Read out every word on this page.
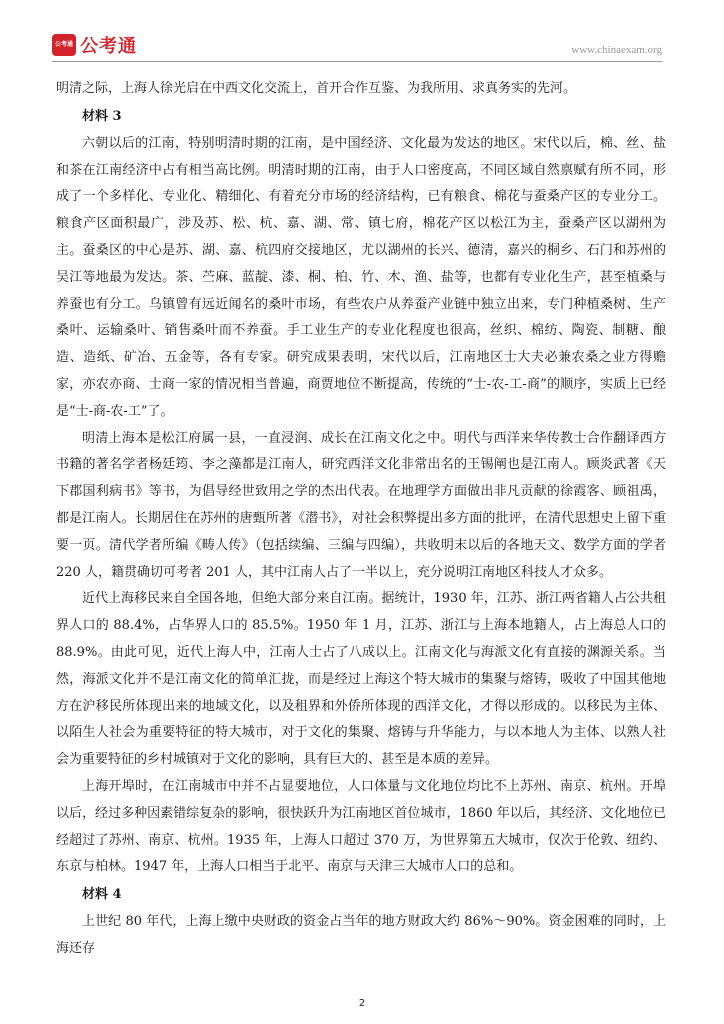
公考通 公考通	www.chinaexam.org

明清之际，上海人徐光启在中西文化交流上，首开合作互鉴、为我所用、求真务实的先河。

材料 3

六朝以后的江南，特别明清时期的江南，是中国经济、文化最为发达的地区。宋代以后，棉、丝、盐和茶在江南经济中占有相当高比例。明清时期的江南，由于人口密度高，不同区域自然禀赋有所不同，形成了一个多样化、专业化、精细化、有着充分市场的经济结构，已有粮食、棉花与蚕桑产区的专业分工。粮食产区面积最广，涉及苏、松、杭、嘉、湖、常、镇七府，棉花产区以松江为主，蚕桑产区以湖州为主。蚕桑区的中心是苏、湖、嘉、杭四府交接地区，尤以湖州的长兴、德清，嘉兴的桐乡、石门和苏州的吴江等地最为发达。茶、苎麻、蓝靛、漆、桐、柏、竹、木、渔、盐等，也都有专业化生产，甚至植桑与养蚕也有分工。乌镇曾有远近闻名的桑叶市场，有些农户从养蚕产业链中独立出来，专门种植桑树、生产桑叶、运输桑叶、销售桑叶而不养蚕。手工业生产的专业化程度也很高，丝织、棉纺、陶瓷、制糖、酿造、造纸、矿冶、五金等，各有专家。研究成果表明，宋代以后，江南地区士大夫必兼农桑之业方得赡家，亦农亦商、士商一家的情况相当普遍，商贾地位不断提高，传统的“士-农-工-商”的顺序，实质上已经是“士-商-农-工”了。

明清上海本是松江府属一县，一直浸润、成长在江南文化之中。明代与西洋来华传教士合作翻译西方书籍的著名学者杨廷筠、李之藻都是江南人，研究西洋文化非常出名的王锡阐也是江南人。顾炎武著《天下郡国利病书》等书，为倡导经世致用之学的杰出代表。在地理学方面做出非凡贡献的徐霞客、顾祖禹，都是江南人。长期居住在苏州的唐甄所著《潜书》，对社会积弊提出多方面的批评，在清代思想史上留下重要一页。清代学者所编《畴人传》（包括续编、三编与四编），共收明末以后的各地天文、数学方面的学者 220 人，籍贯确切可考者 201 人，其中江南人占了一半以上，充分说明江南地区科技人才众多。

近代上海移民来自全国各地，但绝大部分来自江南。据统计，1930 年，江苏、浙江两省籍人占公共租界人口的 88.4%，占华界人口的 85.5%。1950 年 1 月，江苏、浙江与上海本地籍人，占上海总人口的 88.9%。由此可见，近代上海人中，江南人士占了八成以上。江南文化与海派文化有直接的渊源关系。当然，海派文化并不是江南文化的简单汇拢，而是经过上海这个特大城市的集聚与熔铸，吸收了中国其他地方在沪移民所体现出来的地域文化，以及租界和外侨所体现的西洋文化，才得以形成的。以移民为主体、以陌生人社会为重要特征的特大城市，对于文化的集聚、熔铸与升华能力，与以本地人为主体、以熟人社会为重要特征的乡村城镇对于文化的影响，具有巨大的、甚至是本质的差异。

上海开埠时，在江南城市中并不占显要地位，人口体量与文化地位均比不上苏州、南京、杭州。开埠以后，经过多种因素错综复杂的影响，很快跃升为江南地区首位城市，1860 年以后，其经济、文化地位已经超过了苏州、南京、杭州。1935 年，上海人口超过 370 万，为世界第五大城市，仅次于伦敦、纽约、东京与柏林。1947 年，上海人口相当于北平、南京与天津三大城市人口的总和。

材料 4

上世纪 80 年代，上海上缴中央财政的资金占当年的地方财政大约 86%～90%。资金困难的同时，上海还存

2
